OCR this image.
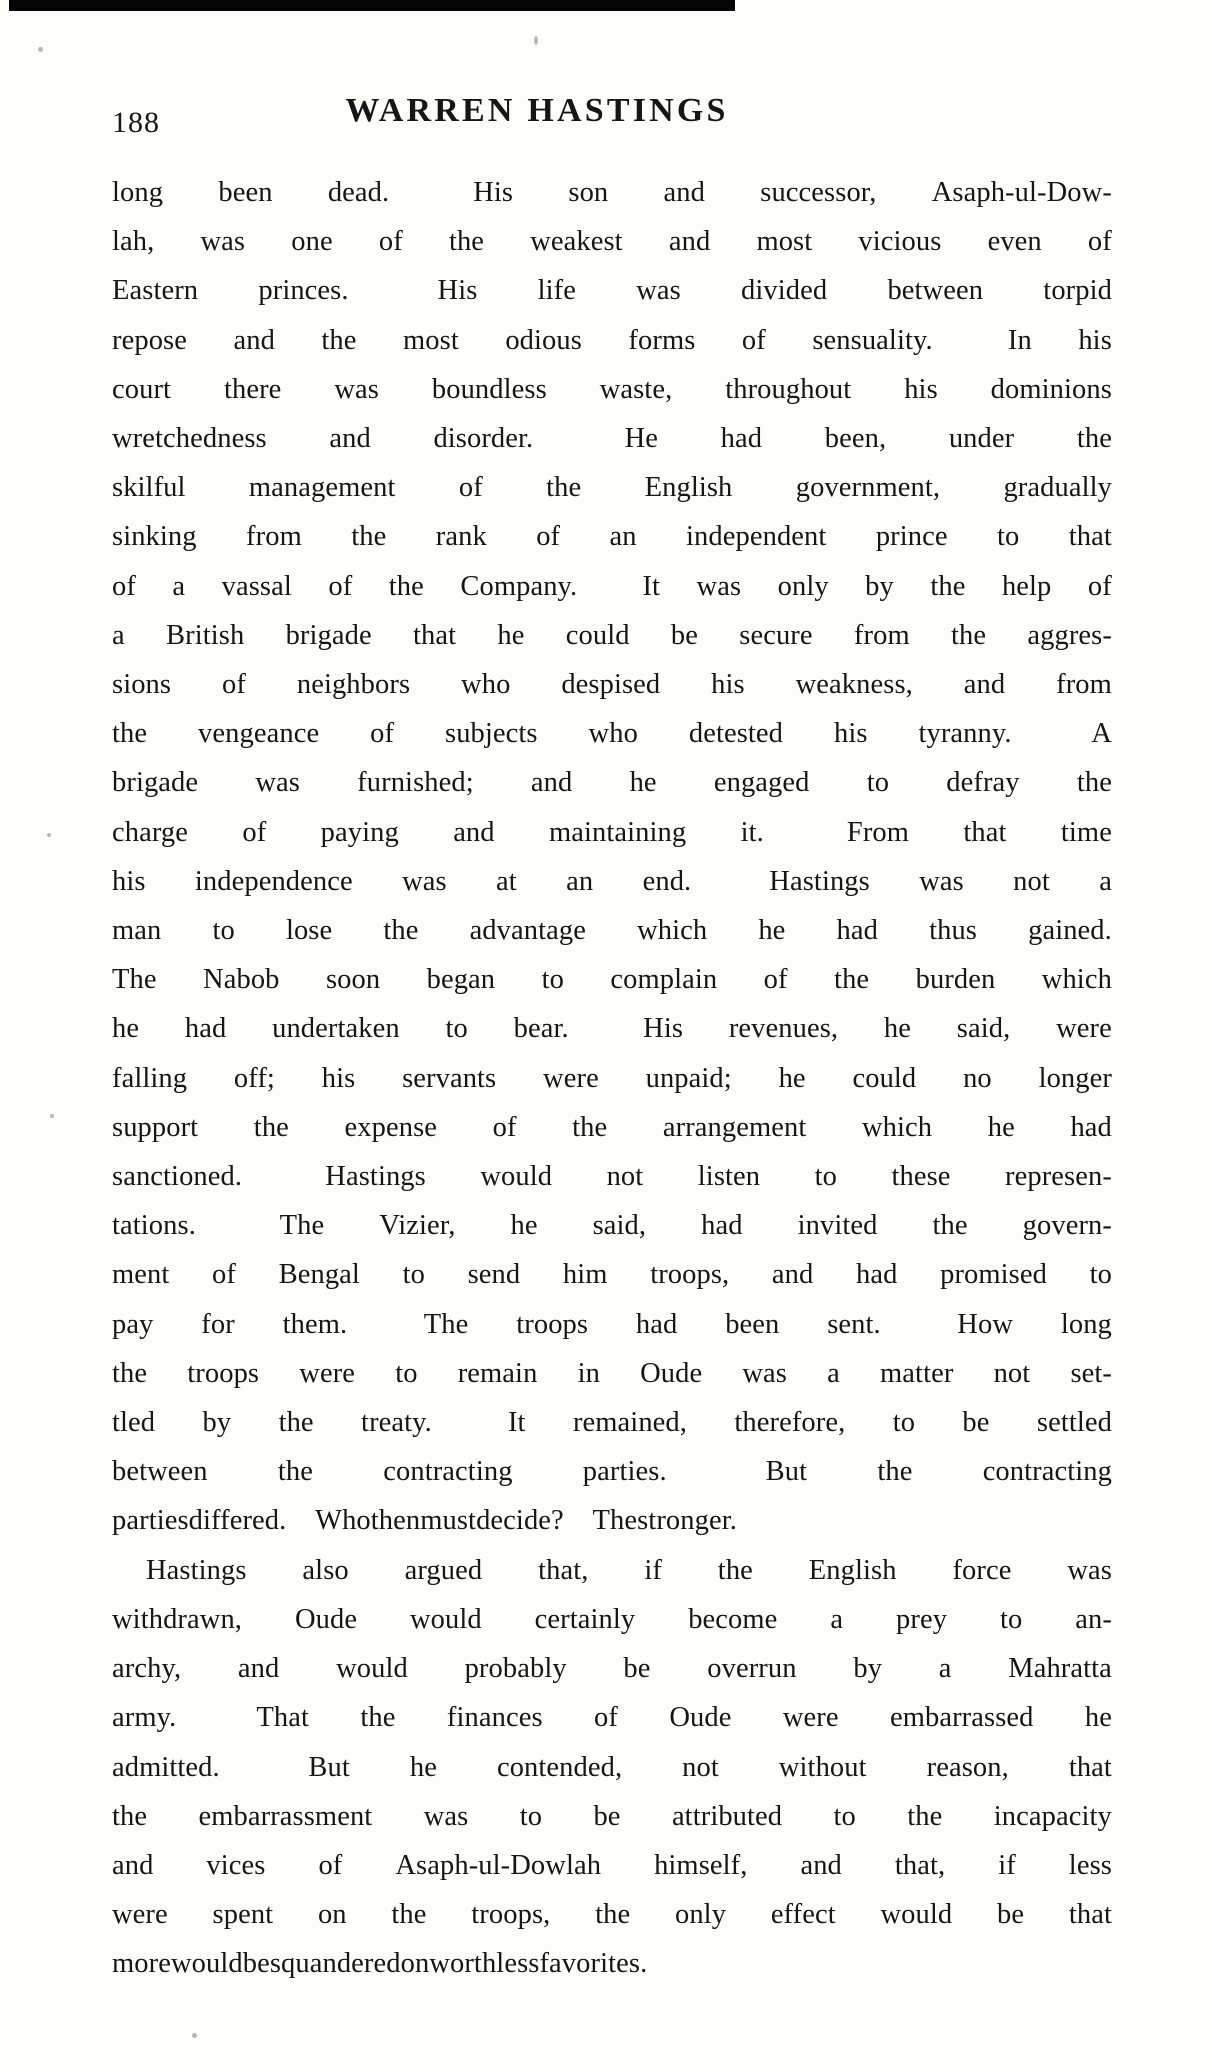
188	WARREN HASTINGS

long been dead.   His son and successor, Asaph-ul-Dow-
lah, was one of the weakest and most vicious even of
Eastern princes.   His life was divided between torpid
repose and the most odious forms of sensuality.   In his
court there was boundless waste, throughout his dominions
wretchedness and disorder.   He had been, under the
skilful management of the English government, gradually
sinking from the rank of an independent prince to that
of a vassal of the Company.   It was only by the help of
a British brigade that he could be secure from the aggres-
sions of neighbors who despised his weakness, and from
the vengeance of subjects who detested his tyranny.   A
brigade was furnished; and he engaged to defray the
charge of paying and maintaining it.   From that time
his independence was at an end.   Hastings was not a
man to lose the advantage which he had thus gained.
The Nabob soon began to complain of the burden which
he had undertaken to bear.   His revenues, he said, were
falling off; his servants were unpaid; he could no longer
support the expense of the arrangement which he had
sanctioned.   Hastings would not listen to these represen-
tations.   The Vizier, he said, had invited the govern-
ment of Bengal to send him troops, and had promised to
pay for them.   The troops had been sent.   How long
the troops were to remain in Oude was a matter not set-
tled by the treaty.   It remained, therefore, to be settled
between the contracting parties.   But the contracting
parties differed.   Who then must decide?   The stronger.

Hastings also argued that, if the English force was
withdrawn, Oude would certainly become a prey to an-
archy, and would probably be overrun by a Mahratta
army.   That the finances of Oude were embarrassed he
admitted.   But he contended, not without reason, that
the embarrassment was to be attributed to the incapacity
and vices of Asaph-ul-Dowlah himself, and that, if less
were spent on the troops, the only effect would be that
more would be squandered on worthless favorites.
